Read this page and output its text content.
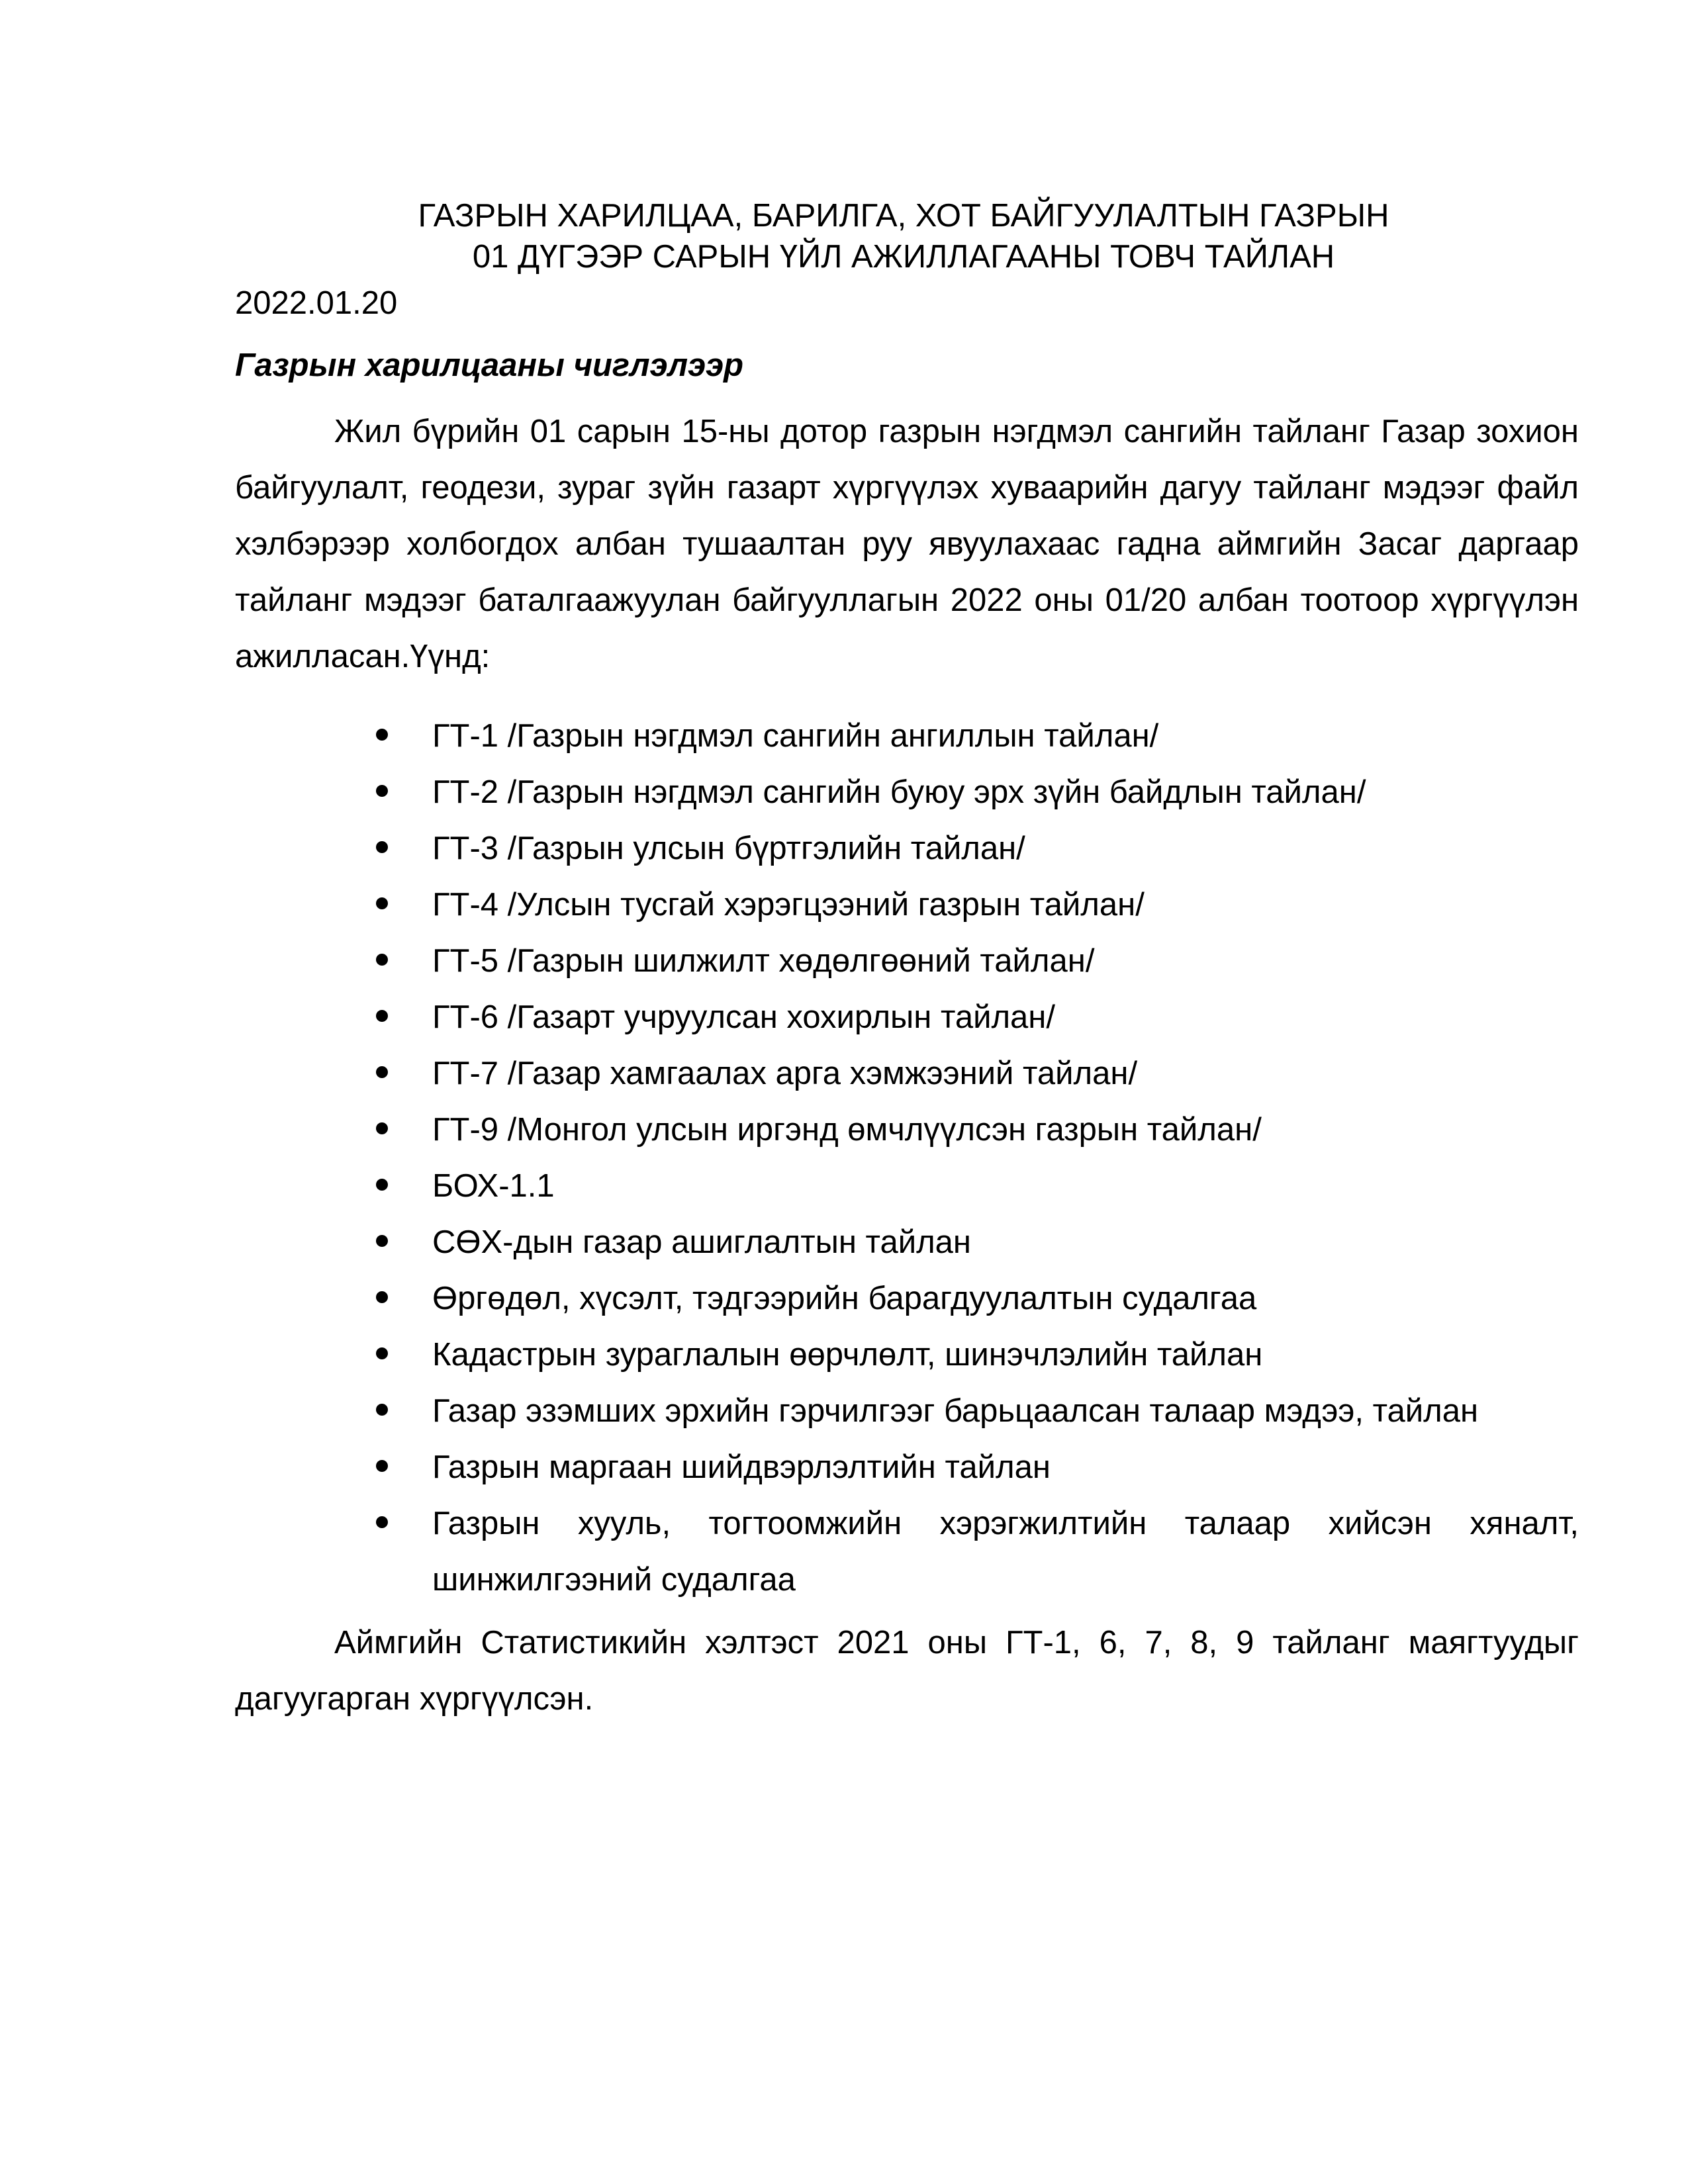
ГАЗРЫН ХАРИЛЦАА, БАРИЛГА, ХОТ БАЙГУУЛАЛТЫН ГАЗРЫН
01 ДҮГЭЭР САРЫН ҮЙЛ АЖИЛЛАГААНЫ ТОВЧ ТАЙЛАН
2022.01.20
Газрын харилцааны чиглэлээр

Жил бүрийн 01 сарын 15-ны дотор газрын нэгдмэл сангийн тайланг Газар зохион байгуулалт, геодези, зураг зүйн газарт хүргүүлэх хуваарийн дагуу тайланг мэдээг файл хэлбэрээр холбогдох албан тушаалтан руу явуулахаас гадна аймгийн Засаг даргаар тайланг мэдээг баталгаажуулан байгууллагын 2022 оны 01/20 албан тоотоор хүргүүлэн ажилласан.Үүнд:

ГТ-1 /Газрын нэгдмэл сангийн ангиллын тайлан/
ГТ-2 /Газрын нэгдмэл сангийн буюу эрх зүйн байдлын тайлан/
ГТ-3 /Газрын улсын бүртгэлийн тайлан/
ГТ-4 /Улсын тусгай хэрэгцээний газрын тайлан/
ГТ-5 /Газрын шилжилт хөдөлгөөний тайлан/
ГТ-6 /Газарт учруулсан хохирлын тайлан/
ГТ-7 /Газар хамгаалах арга хэмжээний тайлан/
ГТ-9 /Монгол улсын иргэнд өмчлүүлсэн газрын тайлан/
БОХ-1.1
СӨХ-дын газар ашиглалтын тайлан
Өргөдөл, хүсэлт, тэдгээрийн барагдуулалтын судалгаа
Кадастрын зураглалын өөрчлөлт, шинэчлэлийн тайлан
Газар эзэмших эрхийн гэрчилгээг барьцаалсан талаар мэдээ, тайлан
Газрын маргаан шийдвэрлэлтийн тайлан
Газрын хууль, тогтоомжийн хэрэгжилтийн талаар хийсэн хяналт, шинжилгээний судалгаа

Аймгийн Статистикийн хэлтэст 2021 оны ГТ-1, 6, 7, 8, 9 тайланг маягтуудыг дагуугарган хүргүүлсэн.
